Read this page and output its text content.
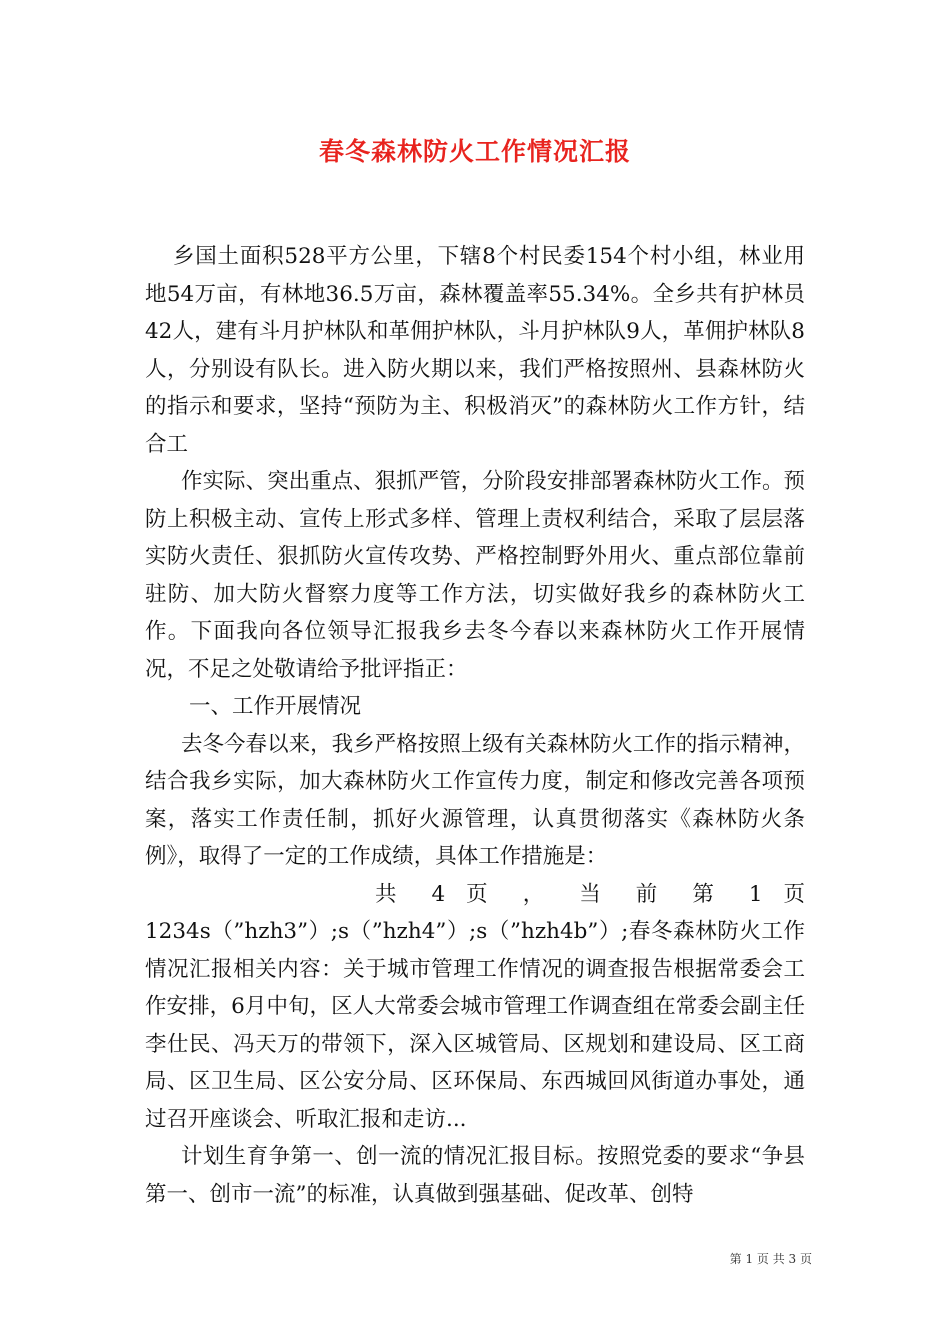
春冬森林防火工作情况汇报

乡国土面积528平方公里，下辖8个村民委154个村小组，林业用地54万亩，有林地36.5万亩，森林覆盖率55.34%。全乡共有护林员42人，建有斗月护林队和革佣护林队，斗月护林队9人，革佣护林队8人，分别设有队长。进入防火期以来，我们严格按照州、县森林防火的指示和要求，坚持“预防为主、积极消灭”的森林防火工作方针，结合工

作实际、突出重点、狠抓严管，分阶段安排部署森林防火工作。预防上积极主动、宣传上形式多样、管理上责权利结合，采取了层层落实防火责任、狠抓防火宣传攻势、严格控制野外用火、重点部位靠前驻防、加大防火督察力度等工作方法，切实做好我乡的森林防火工作。下面我向各位领导汇报我乡去冬今春以来森林防火工作开展情况，不足之处敬请给予批评指正：

一、工作开展情况

去冬今春以来，我乡严格按照上级有关森林防火工作的指示精神，结合我乡实际，加大森林防火工作宣传力度，制定和修改完善各项预案，落实工作责任制，抓好火源管理，认真贯彻落实《森林防火条例》，取得了一定的工作成绩，具体工作措施是：

共 4 页 ， 当 前 第 1 页

1234s（”hzh3”）;s（”hzh4”）;s（”hzh4b”）;春冬森林防火工作情况汇报相关内容：关于城市管理工作情况的调查报告根据常委会工作安排，6月中旬，区人大常委会城市管理工作调查组在常委会副主任李仕民、冯天万的带领下，深入区城管局、区规划和建设局、区工商局、区卫生局、区公安分局、区环保局、东西城回风街道办事处，通过召开座谈会、听取汇报和走访...

计划生育争第一、创一流的情况汇报目标。按照党委的要求“争县第一、创市一流”的标准，认真做到强基础、促改革、创特

第 1 页 共 3 页
